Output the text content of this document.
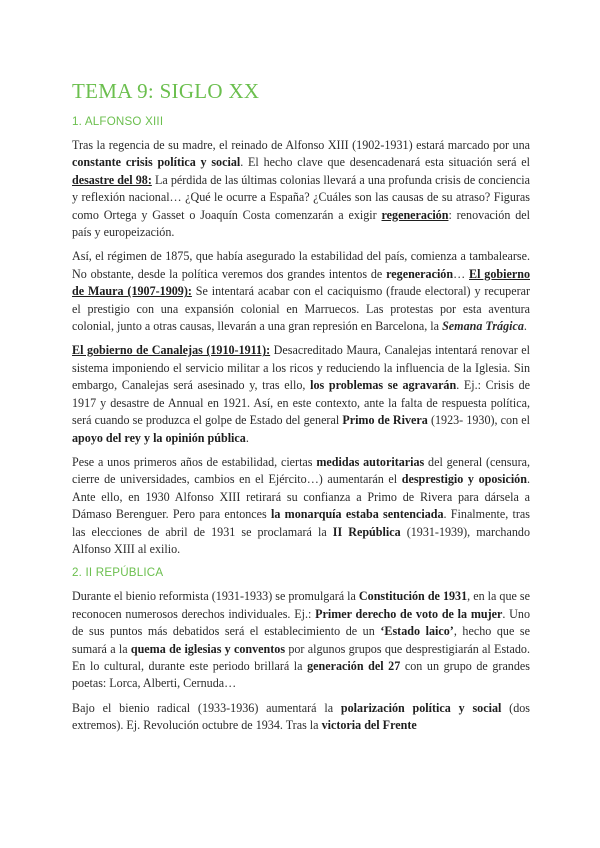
TEMA 9: SIGLO XX
1. ALFONSO XIII

Tras la regencia de su madre, el reinado de Alfonso XIII (1902-1931) estará marcado por una constante crisis política y social. El hecho clave que desencadenará esta situación será el desastre del 98: La pérdida de las últimas colonias llevará a una profunda crisis de conciencia y reflexión nacional… ¿Qué le ocurre a España? ¿Cuáles son las causas de su atraso? Figuras como Ortega y Gasset o Joaquín Costa comenzarán a exigir regeneración: renovación del país y europeización.

Así, el régimen de 1875, que había asegurado la estabilidad del país, comienza a tambalearse. No obstante, desde la política veremos dos grandes intentos de regeneración… El gobierno de Maura (1907-1909): Se intentará acabar con el caciquismo (fraude electoral) y recuperar el prestigio con una expansión colonial en Marruecos. Las protestas por esta aventura colonial, junto a otras causas, llevarán a una gran represión en Barcelona, la Semana Trágica.

El gobierno de Canalejas (1910-1911): Desacreditado Maura, Canalejas intentará renovar el sistema imponiendo el servicio militar a los ricos y reduciendo la influencia de la Iglesia. Sin embargo, Canalejas será asesinado y, tras ello, los problemas se agravarán. Ej.: Crisis de 1917 y desastre de Annual en 1921. Así, en este contexto, ante la falta de respuesta política, será cuando se produzca el golpe de Estado del general Primo de Rivera (1923- 1930), con el apoyo del rey y la opinión pública.

Pese a unos primeros años de estabilidad, ciertas medidas autoritarias del general (censura, cierre de universidades, cambios en el Ejército…) aumentarán el desprestigio y oposición. Ante ello, en 1930 Alfonso XIII retirará su confianza a Primo de Rivera para dársela a Dámaso Berenguer. Pero para entonces la monarquía estaba sentenciada. Finalmente, tras las elecciones de abril de 1931 se proclamará la II República (1931-1939), marchando Alfonso XIII al exilio.

2. II REPÚBLICA

Durante el bienio reformista (1931-1933) se promulgará la Constitución de 1931, en la que se reconocen numerosos derechos individuales. Ej.: Primer derecho de voto de la mujer. Uno de sus puntos más debatidos será el establecimiento de un ‘Estado laico’, hecho que se sumará a la quema de iglesias y conventos por algunos grupos que desprestigiarán al Estado. En lo cultural, durante este periodo brillará la generación del 27 con un grupo de grandes poetas: Lorca, Alberti, Cernuda…

Bajo el bienio radical (1933-1936) aumentará la polarización política y social (dos extremos). Ej. Revolución octubre de 1934. Tras la victoria del Frente
